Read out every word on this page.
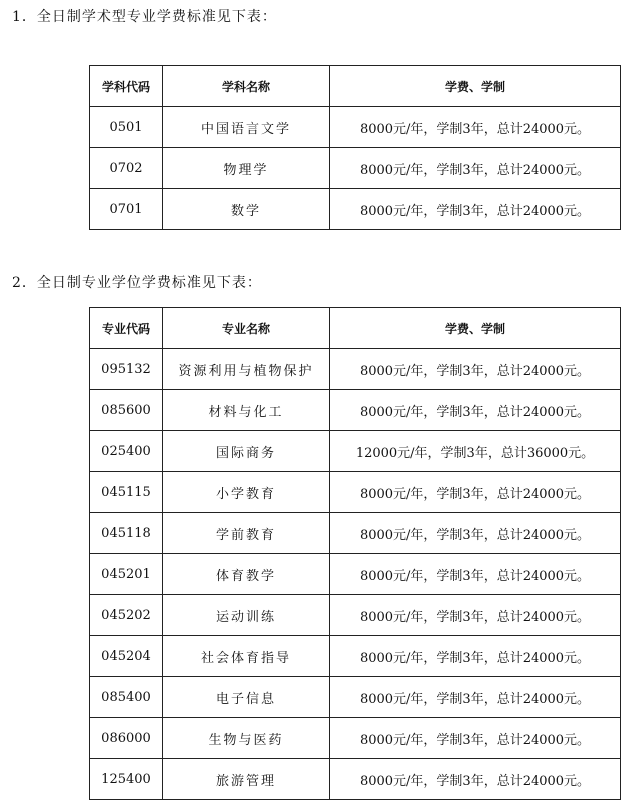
1．全日制学术型专业学费标准见下表：
学科代码	学科名称	学费、学制
0501	中国语言文学	8000元/年，学制3年，总计24000元。
0702	物理学	8000元/年，学制3年，总计24000元。
0701	数学	8000元/年，学制3年，总计24000元。
2．全日制专业学位学费标准见下表：
专业代码	专业名称	学费、学制
095132	资源利用与植物保护	8000元/年，学制3年，总计24000元。
085600	材料与化工	8000元/年，学制3年，总计24000元。
025400	国际商务	12000元/年，学制3年，总计36000元。
045115	小学教育	8000元/年，学制3年，总计24000元。
045118	学前教育	8000元/年，学制3年，总计24000元。
045201	体育教学	8000元/年，学制3年，总计24000元。
045202	运动训练	8000元/年，学制3年，总计24000元。
045204	社会体育指导	8000元/年，学制3年，总计24000元。
085400	电子信息	8000元/年，学制3年，总计24000元。
086000	生物与医药	8000元/年，学制3年，总计24000元。
125400	旅游管理	8000元/年，学制3年，总计24000元。
